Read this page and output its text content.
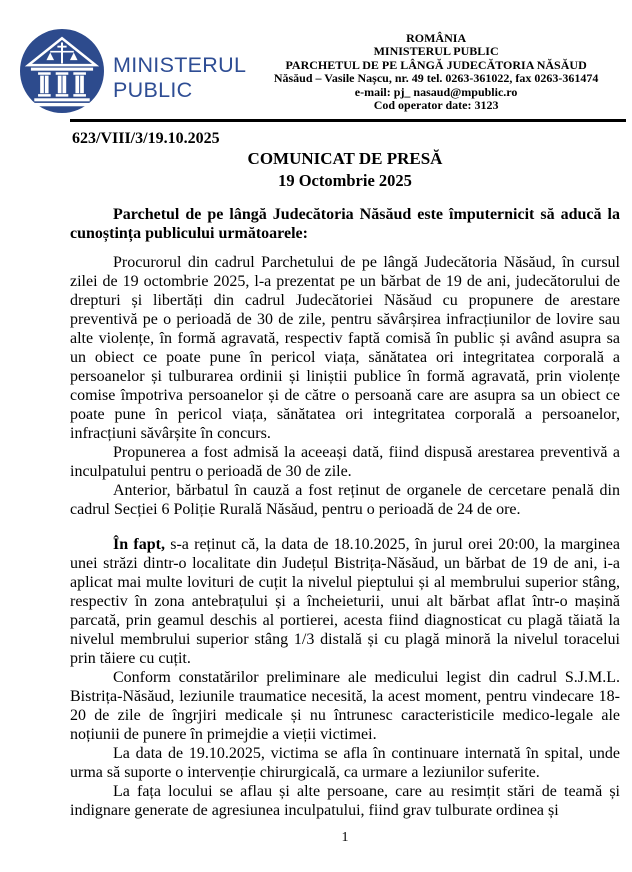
MINISTERUL
PUBLIC
ROMÂNIA
MINISTERUL PUBLIC
PARCHETUL DE PE LÂNGĂ JUDECĂTORIA NĂSĂUD
Năsăud – Vasile Nașcu, nr. 49 tel. 0263-361022, fax 0263-361474
e-mail: pj_ nasaud@mpublic.ro
Cod operator date: 3123
623/VIII/3/19.10.2025
COMUNICAT DE PRESĂ
19 Octombrie 2025

Parchetul de pe lângă Judecătoria Năsăud este împuternicit să aducă la cunoștința publicului următoarele:

Procurorul din cadrul Parchetului de pe lângă Judecătoria Năsăud, în cursul zilei de 19 octombrie 2025, l-a prezentat pe un bărbat de 19 de ani, judecătorului de drepturi și libertăți din cadrul Judecătoriei Năsăud cu propunere de arestare preventivă pe o perioadă de 30 de zile, pentru săvârșirea infracțiunilor de lovire sau alte violențe, în formă agravată, respectiv faptă comisă în public și având asupra sa un obiect ce poate pune în pericol viața, sănătatea ori integritatea corporală a persoanelor și tulburarea ordinii și liniștii publice în formă agravată, prin violențe comise împotriva persoanelor și de către o persoană care are asupra sa un obiect ce poate pune în pericol viața, sănătatea ori integritatea corporală a persoanelor, infracțiuni săvârșite în concurs.

Propunerea a fost admisă la aceeași dată, fiind dispusă arestarea preventivă a inculpatului pentru o perioadă de 30 de zile.

Anterior, bărbatul în cauză a fost reținut de organele de cercetare penală din cadrul Secției 6 Poliție Rurală Năsăud, pentru o perioadă de 24 de ore.

În fapt, s-a reținut că, la data de 18.10.2025, în jurul orei 20:00, la marginea unei străzi dintr-o localitate din Județul Bistrița-Năsăud, un bărbat de 19 de ani, i-a aplicat mai multe lovituri de cuțit la nivelul pieptului și al membrului superior stâng, respectiv în zona antebrațului și a încheieturii, unui alt bărbat aflat într-o mașină parcată, prin geamul deschis al portierei, acesta fiind diagnosticat cu plagă tăiată la nivelul membrului superior stâng 1/3 distală și cu plagă minoră la nivelul toracelui prin tăiere cu cuțit.

Conform constatărilor preliminare ale medicului legist din cadrul S.J.M.L. Bistrița-Năsăud, leziunile traumatice necesită, la acest moment, pentru vindecare 18-20 de zile de îngrjiri medicale și nu întrunesc caracteristicile medico-legale ale noțiunii de punere în primejdie a vieții victimei.

La data de 19.10.2025, victima se afla în continuare internată în spital, unde urma să suporte o intervenție chirurgicală, ca urmare a leziunilor suferite.

La fața locului se aflau și alte persoane, care au resimțit stări de teamă și indignare generate de agresiunea inculpatului, fiind grav tulburate ordinea și

1
